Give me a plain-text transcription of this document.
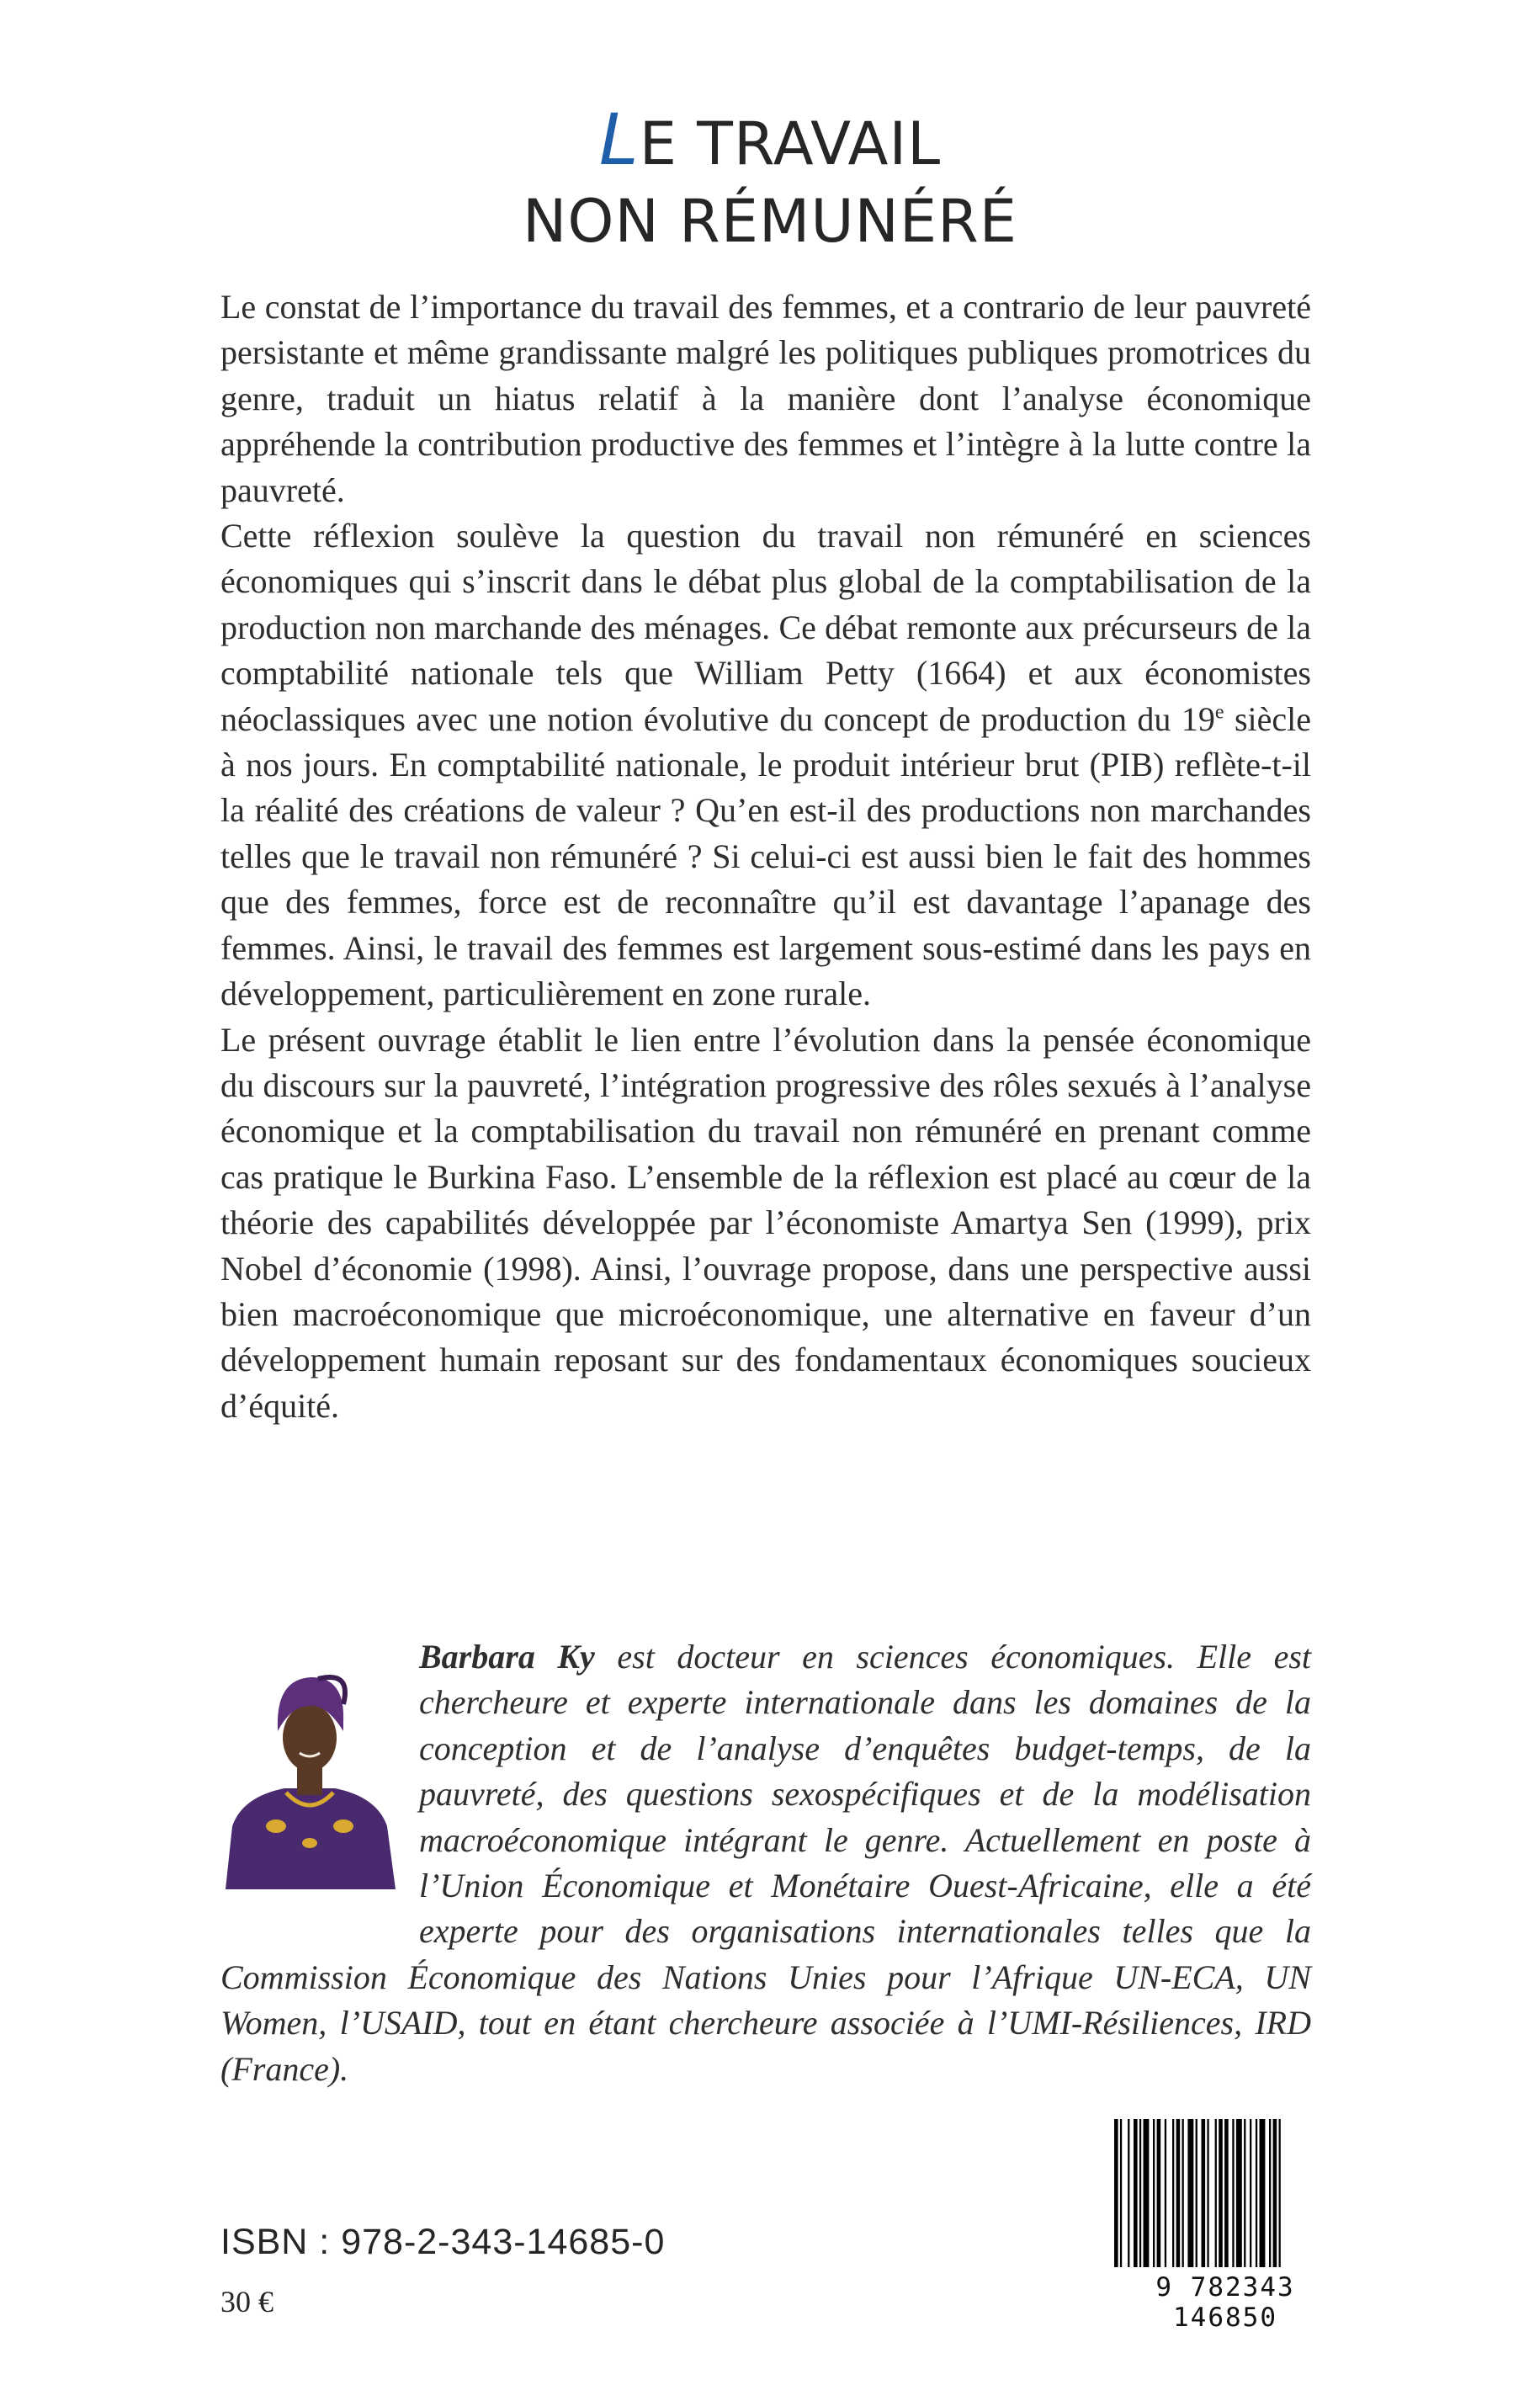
LE TRAVAIL
NON RÉMUNÉRÉ

Le constat de l’importance du travail des femmes, et a contrario de leur pauvreté persistante et même grandissante malgré les politiques publiques promotrices du genre, traduit un hiatus relatif à la manière dont l’analyse économique appréhende la contribution productive des femmes et l’intègre à la lutte contre la pauvreté.

Cette réflexion soulève la question du travail non rémunéré en sciences économiques qui s’inscrit dans le débat plus global de la comptabilisation de la production non marchande des ménages. Ce débat remonte aux précurseurs de la comptabilité nationale tels que William Petty (1664) et aux économistes néoclassiques avec une notion évolutive du concept de production du 19e siècle à nos jours. En comptabilité nationale, le produit intérieur brut (PIB) reflète-t-il la réalité des créations de valeur ? Qu’en est-il des productions non marchandes telles que le travail non rémunéré ? Si celui-ci est aussi bien le fait des hommes que des femmes, force est de reconnaître qu’il est davantage l’apanage des femmes. Ainsi, le travail des femmes est largement sous-estimé dans les pays en développement, particulièrement en zone rurale.

Le présent ouvrage établit le lien entre l’évolution dans la pensée économique du discours sur la pauvreté, l’intégration progressive des rôles sexués à l’analyse économique et la comptabilisation du travail non rémunéré en prenant comme cas pratique le Burkina Faso. L’ensemble de la réflexion est placé au cœur de la théorie des capabilités développée par l’économiste Amartya Sen (1999), prix Nobel d’économie (1998). Ainsi, l’ouvrage propose, dans une perspective aussi bien macroéconomique que microéconomique, une alternative en faveur d’un développement humain reposant sur des fondamentaux économiques soucieux d’équité.

Barbara Ky est docteur en sciences économiques. Elle est chercheure et experte internationale dans les domaines de la conception et de l’analyse d’enquêtes budget-temps, de la pauvreté, des questions sexospécifiques et de la modélisation macroéconomique intégrant le genre. Actuellement en poste à l’Union Économique et Monétaire Ouest-Africaine, elle a été experte pour des organisations internationales telles que la Commission Économique des Nations Unies pour l’Afrique UN-ECA, UN Women, l’USAID, tout en étant chercheure associée à l’UMI-Résiliences, IRD (France).

ISBN : 978-2-343-14685-0
30 €	9 782343 146850
